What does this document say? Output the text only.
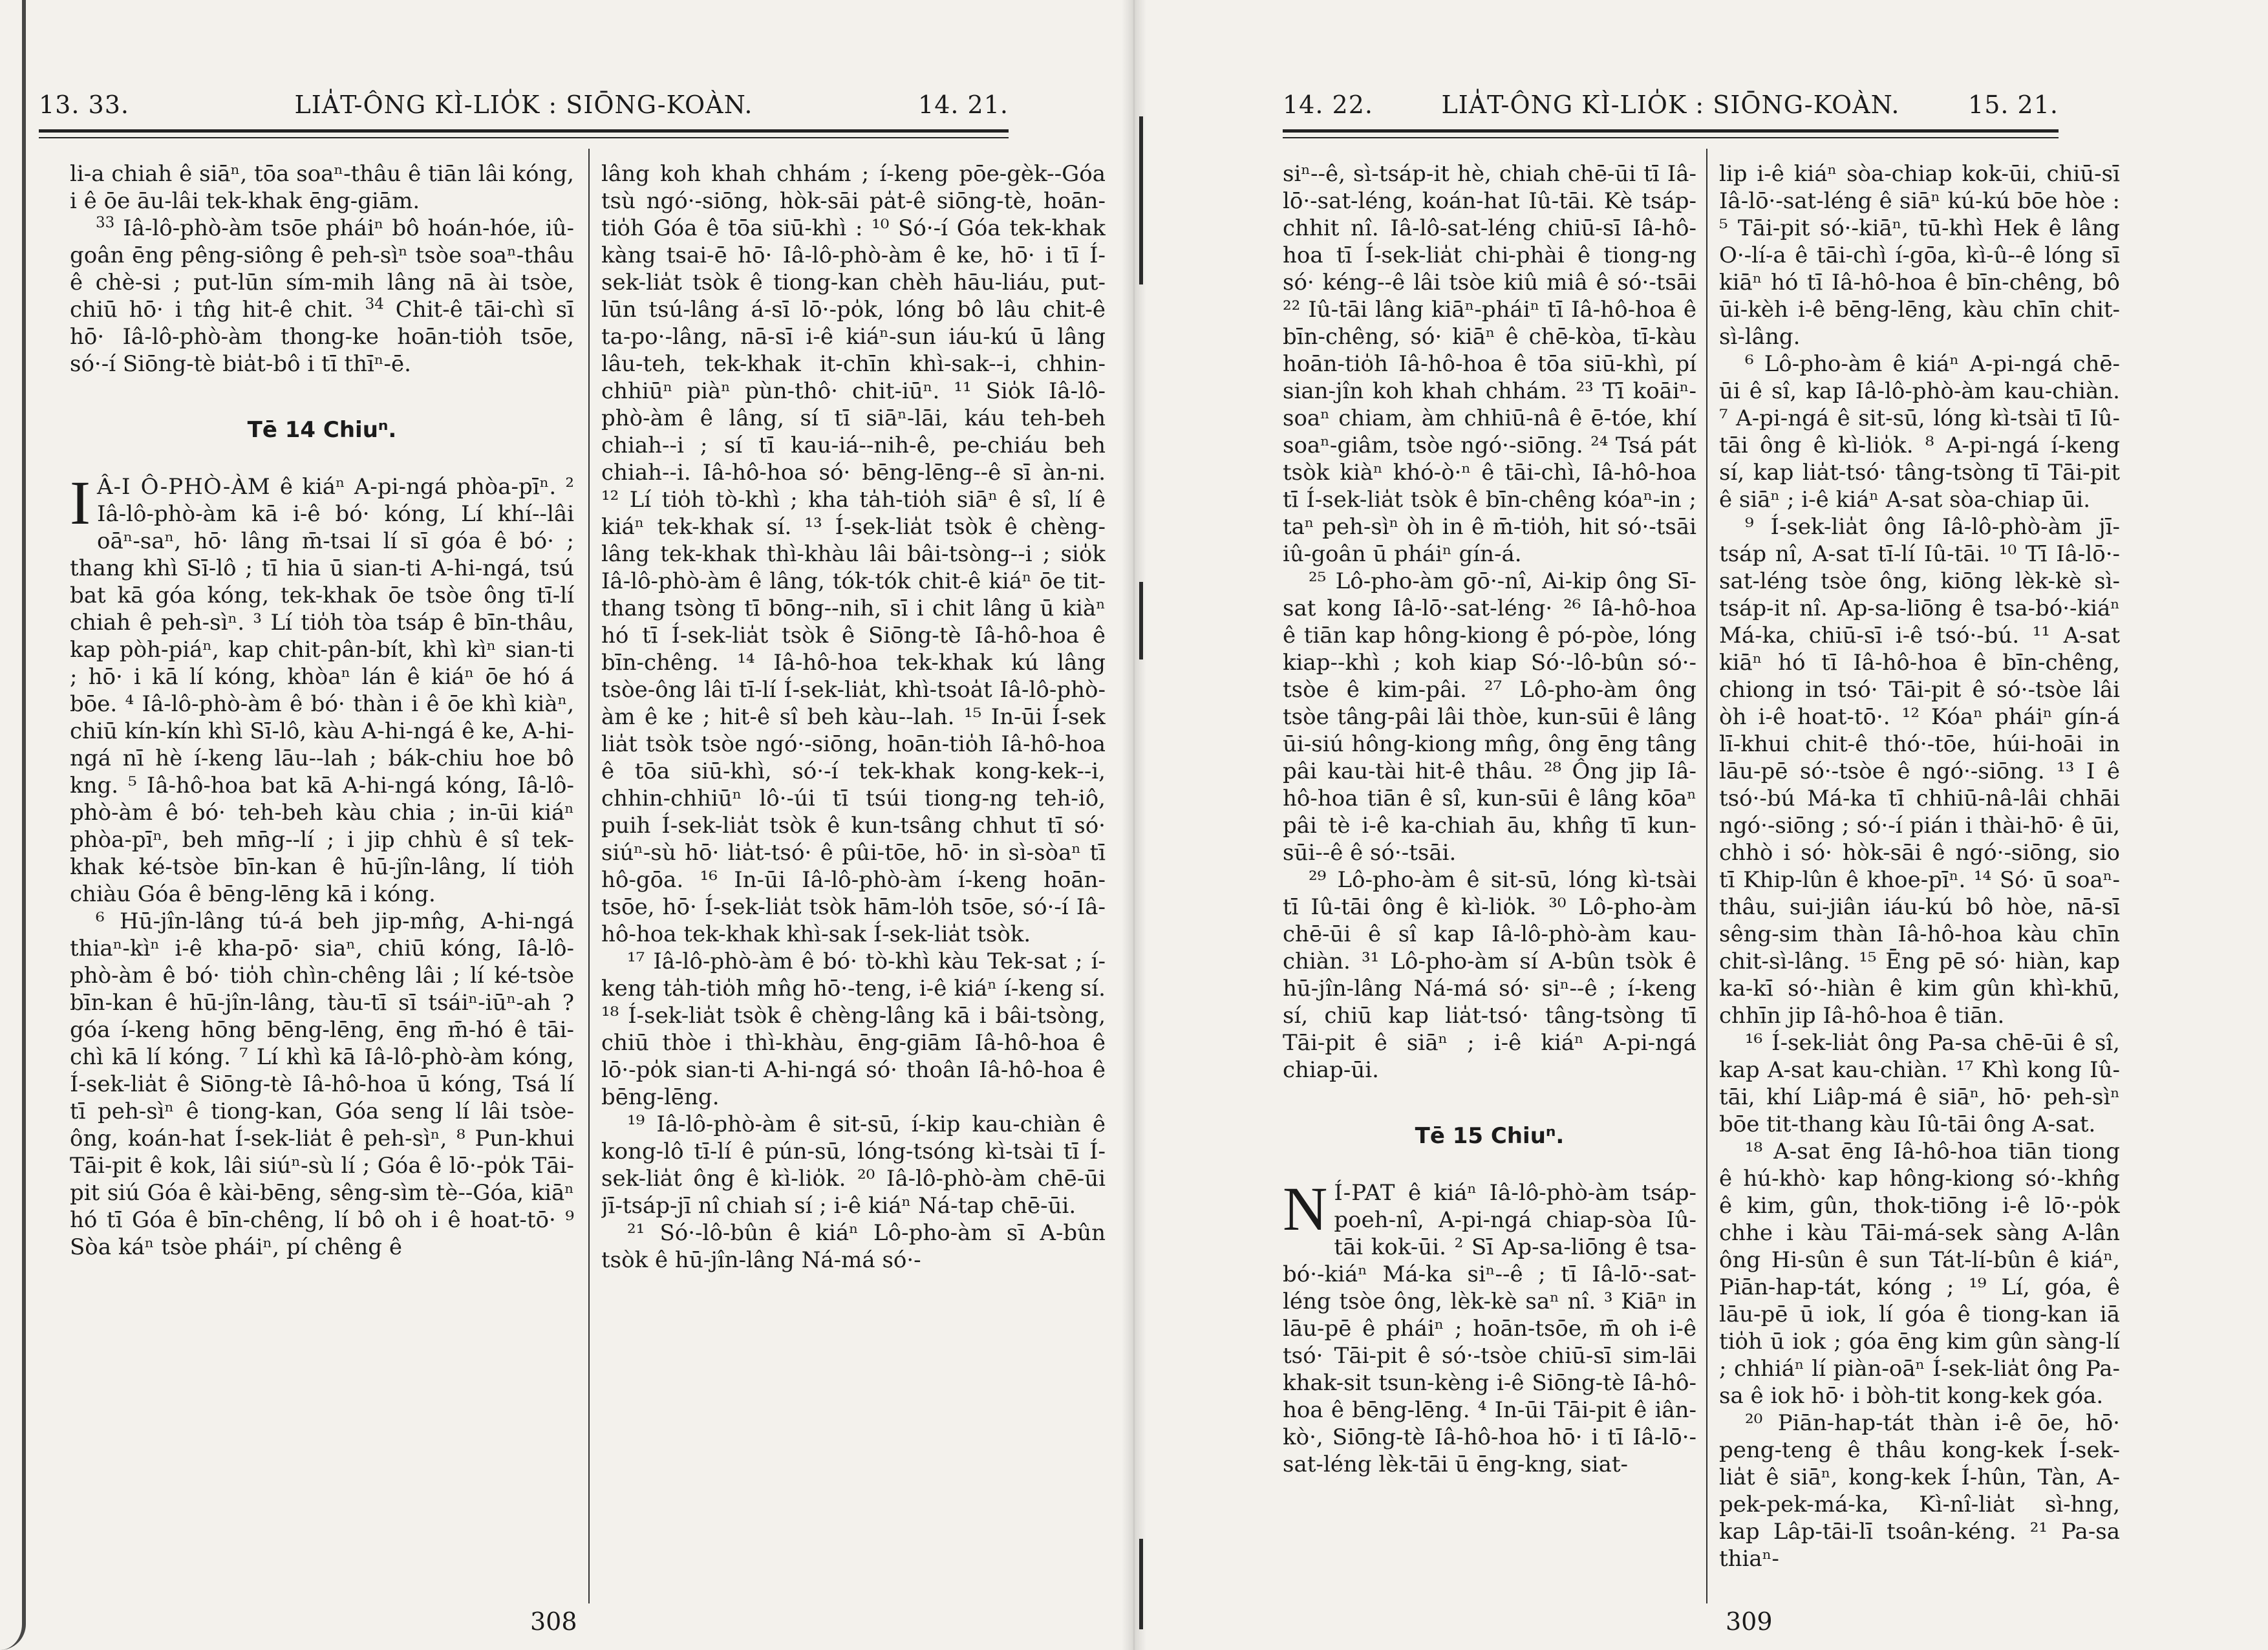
13. 33.	LIA̍T-ÔNG KÌ-LIO̍K : SIŌNG-KOÀN.	14. 21.

li-a chiah ê siāⁿ, tōa soaⁿ-thâu ê tiān lâi kóng, i ê ōe āu-lâi tek-khak ēng-giām.

$^{33}$ Iâ-lô-phò-àm tsōe pháiⁿ bô hoán-hóe, iû-goân ēng pêng-siông ê peh-sìⁿ tsòe soaⁿ-thâu ê chè-si ; put-lūn sím-mih lâng nā ài tsòe, chiū hō· i tn̂g hit-ê chit. $^{34}$ Chit-ê tāi-chì sī hō· Iâ-lô-phò-àm thong-ke hoān-tio̍h tsōe, só·-í Siōng-tè bia̍t-bô i tī thīⁿ-ē.

Tē 14 Chiuⁿ.

I Â-I Ô-PHÒ-ÀM ê kiáⁿ A-pi-ngá phòa-pīⁿ. ² Iâ-lô-phò-àm kā i-ê bó· kóng, Lí khí--lâi oāⁿ-saⁿ, hō· lâng m̄-tsai lí sī góa ê bó· ; thang khì Sī-lô ; tī hia ū sian-ti A-hi-ngá, tsú bat kā góa kóng, tek-khak ōe tsòe ông tī-lí chiah ê peh-sìⁿ. ³ Lí tio̍h tòa tsáp ê bīn-thâu, kap pòh-piáⁿ, kap chit-pân-bít, khì kìⁿ sian-ti ; hō· i kā lí kóng, khòaⁿ lán ê kiáⁿ ōe hó á bōe. ⁴ Iâ-lô-phò-àm ê bó· thàn i ê ōe khì kiàⁿ, chiū kín-kín khì Sī-lô, kàu A-hi-ngá ê ke, A-hi-ngá nī hè í-keng lāu--lah ; bák-chiu hoe bô kng. ⁵ Iâ-hô-hoa bat kā A-hi-ngá kóng, Iâ-lô-phò-àm ê bó· teh-beh kàu chia ; in-ūi kiáⁿ phòa-pīⁿ, beh mn̄g--lí ; i jip chhù ê sî tek-khak ké-tsòe bīn-kan ê hū-jîn-lâng, lí tio̍h chiàu Góa ê bēng-lēng kā i kóng.

⁶ Hū-jîn-lâng tú-á beh jip-mn̂g, A-hi-ngá thiaⁿ-kìⁿ i-ê kha-pō· siaⁿ, chiū kóng, Iâ-lô-phò-àm ê bó· tio̍h chìn-chêng lâi ; lí ké-tsòe bīn-kan ê hū-jîn-lâng, tàu-tī sī tsáiⁿ-iūⁿ-ah ? góa í-keng hōng bēng-lēng, ēng m̄-hó ê tāi-chì kā lí kóng. ⁷ Lí khì kā Iâ-lô-phò-àm kóng, Í-sek-lia̍t ê Siōng-tè Iâ-hô-hoa ū kóng, Tsá lí tī peh-sìⁿ ê tiong-kan, Góa seng lí lâi tsòe-ông, koán-hat Í-sek-lia̍t ê peh-sìⁿ, ⁸ Pun-khui Tāi-pit ê kok, lâi siúⁿ-sù lí ; Góa ê lō·-po̍k Tāi-pit siú Góa ê kài-bēng, sêng-sìm tè--Góa, kiāⁿ hó tī Góa ê bīn-chêng, lí bô oh i ê hoat-tō· ⁹ Sòa káⁿ tsòe pháiⁿ, pí chêng ê

lâng koh khah chhám ; í-keng pōe-gèk--Góa tsù ngó·-siōng, hòk-sāi pa̍t-ê siōng-tè, hoān-tio̍h Góa ê tōa siū-khì : ¹⁰ Só·-í Góa tek-khak kàng tsai-ē hō· Iâ-lô-phò-àm ê ke, hō· i tī Í-sek-lia̍t tsòk ê tiong-kan chèh hāu-liáu, put-lūn tsú-lâng á-sī lō·-po̍k, lóng bô lâu chit-ê ta-po·-lâng, nā-sī i-ê kiáⁿ-sun iáu-kú ū lâng lâu-teh, tek-khak it-chīn khì-sak--i, chhin-chhiūⁿ piàⁿ pùn-thô· chit-iūⁿ. ¹¹ Sio̍k Iâ-lô-phò-àm ê lâng, sí tī siāⁿ-lāi, káu teh-beh chiah--i ; sí tī kau-iá--nih-ê, pe-chiáu beh chiah--i. Iâ-hô-hoa só· bēng-lēng--ê sī àn-ni. ¹² Lí tio̍h tò-khì ; kha ta̍h-tio̍h siāⁿ ê sî, lí ê kiáⁿ tek-khak sí. ¹³ Í-sek-lia̍t tsòk ê chèng-lâng tek-khak thì-khàu lâi bâi-tsòng--i ; sio̍k Iâ-lô-phò-àm ê lâng, tók-tók chit-ê kiáⁿ ōe tit-thang tsòng tī bōng--nih, sī i chit lâng ū kiàⁿ hó tī Í-sek-lia̍t tsòk ê Siōng-tè Iâ-hô-hoa ê bīn-chêng. ¹⁴ Iâ-hô-hoa tek-khak kú lâng tsòe-ông lâi tī-lí Í-sek-lia̍t, khì-tsoa̍t Iâ-lô-phò-àm ê ke ; hit-ê sî beh kàu--lah. ¹⁵ In-ūi Í-sek lia̍t tsòk tsòe ngó·-siōng, hoān-tio̍h Iâ-hô-hoa ê tōa siū-khì, só·-í tek-khak kong-kek--i, chhin-chhiūⁿ lô·-úi tī tsúi tiong-ng teh-iô, puih Í-sek-lia̍t tsòk ê kun-tsâng chhut tī só· siúⁿ-sù hō· lia̍t-tsó· ê pûi-tōe, hō· in sì-sòaⁿ tī hô-gōa. ¹⁶ In-ūi Iâ-lô-phò-àm í-keng hoān-tsōe, hō· Í-sek-lia̍t tsòk hām-lo̍h tsōe, só·-í Iâ-hô-hoa tek-khak khì-sak Í-sek-lia̍t tsòk.

¹⁷ Iâ-lô-phò-àm ê bó· tò-khì kàu Tek-sat ; í-keng ta̍h-tio̍h mn̂g hō·-teng, i-ê kiáⁿ í-keng sí. ¹⁸ Í-sek-lia̍t tsòk ê chèng-lâng kā i bâi-tsòng, chiū thòe i thì-khàu, ēng-giām Iâ-hô-hoa ê lō·-po̍k sian-ti A-hi-ngá só· thoân Iâ-hô-hoa ê bēng-lēng.

¹⁹ Iâ-lô-phò-àm ê sit-sū, í-kip kau-chiàn ê kong-lô tī-lí ê pún-sū, lóng-tsóng kì-tsài tī Í-sek-lia̍t ông ê kì-lio̍k. ²⁰ Iâ-lô-phò-àm chē-ūi jī-tsáp-jī nî chiah sí ; i-ê kiáⁿ Ná-tap chē-ūi.

²¹ Só·-lô-bûn ê kiáⁿ Lô-pho-àm sī A-bûn tsòk ê hū-jîn-lâng Ná-má só·-

308
14. 22.	LIA̍T-ÔNG KÌ-LIO̍K : SIŌNG-KOÀN.	15. 21.

siⁿ--ê, sì-tsáp-it hè, chiah chē-ūi tī Iâ-lō·-sat-léng, koán-hat Iû-tāi. Kè tsáp-chhit nî. Iâ-lô-sat-léng chiū-sī Iâ-hô-hoa tī Í-sek-lia̍t chi-phài ê tiong-ng só· kéng--ê lâi tsòe kiû miâ ê só·-tsāi ²² Iû-tāi lâng kiāⁿ-pháiⁿ tī Iâ-hô-hoa ê bīn-chêng, só· kiāⁿ ê chē-kòa, tī-kàu hoān-tio̍h Iâ-hô-hoa ê tōa siū-khì, pí sian-jîn koh khah chhám. ²³ Tī koāiⁿ-soaⁿ chiam, àm chhiū-nâ ê ē-tóe, khí soaⁿ-giâm, tsòe ngó·-siōng. ²⁴ Tsá pát tsòk kiàⁿ khó-ò·ⁿ ê tāi-chì, Iâ-hô-hoa tī Í-sek-lia̍t tsòk ê bīn-chêng kóaⁿ-in ; taⁿ peh-sìⁿ òh in ê m̄-tio̍h, hit só·-tsāi iû-goân ū pháiⁿ gín-á.

²⁵ Lô-pho-àm gō·-nî, Ai-kip ông Sī-sat kong Iâ-lō·-sat-léng· ²⁶ Iâ-hô-hoa ê tiān kap hông-kiong ê pó-pòe, lóng kiap--khì ; koh kiap Só·-lô-bûn só·-tsòe ê kim-pâi. ²⁷ Lô-pho-àm ông tsòe tâng-pâi lâi thòe, kun-sūi ê lâng ūi-siú hông-kiong mn̂g, ông ēng tâng pâi kau-tài hit-ê thâu. ²⁸ Ông jip Iâ-hô-hoa tiān ê sî, kun-sūi ê lâng kōaⁿ pâi tè i-ê ka-chiah āu, khn̂g tī kun-sūi--ê ê só·-tsāi.

²⁹ Lô-pho-àm ê sit-sū, lóng kì-tsài tī Iû-tāi ông ê kì-lio̍k. ³⁰ Lô-pho-àm chē-ūi ê sî kap Iâ-lô-phò-àm kau-chiàn. ³¹ Lô-pho-àm sí A-bûn tsòk ê hū-jîn-lâng Ná-má só· siⁿ--ê ; í-keng sí, chiū kap lia̍t-tsó· tâng-tsòng tī Tāi-pit ê siāⁿ ; i-ê kiáⁿ A-pi-ngá chiap-ūi.

Tē 15 Chiuⁿ.

N Í-PAT ê kiáⁿ Iâ-lô-phò-àm tsáp-poeh-nî, A-pi-ngá chiap-sòa Iû-tāi kok-ūi. ² Sī Ap-sa-liōng ê tsa-bó·-kiáⁿ Má-ka siⁿ--ê ; tī Iâ-lō·-sat-léng tsòe ông, lèk-kè saⁿ nî. ³ Kiāⁿ in lāu-pē ê pháiⁿ ; hoān-tsōe, m̄ oh i-ê tsó· Tāi-pit ê só·-tsòe chiū-sī sim-lāi khak-sit tsun-kèng i-ê Siōng-tè Iâ-hô-hoa ê bēng-lēng. ⁴ In-ūi Tāi-pit ê iân-kò·, Siōng-tè Iâ-hô-hoa hō· i tī Iâ-lō·-sat-léng lèk-tāi ū ēng-kng, siat-

lip i-ê kiáⁿ sòa-chiap kok-ūi, chiū-sī Iâ-lō·-sat-léng ê siāⁿ kú-kú bōe hòe : ⁵ Tāi-pit só·-kiāⁿ, tū-khì Hek ê lâng O·-lí-a ê tāi-chì í-gōa, kì-û--ê lóng sī kiāⁿ hó tī Iâ-hô-hoa ê bīn-chêng, bô ūi-kèh i-ê bēng-lēng, kàu chīn chit-sì-lâng.

⁶ Lô-pho-àm ê kiáⁿ A-pi-ngá chē-ūi ê sî, kap Iâ-lô-phò-àm kau-chiàn. ⁷ A-pi-ngá ê sit-sū, lóng kì-tsài tī Iû-tāi ông ê kì-lio̍k. ⁸ A-pi-ngá í-keng sí, kap lia̍t-tsó· tâng-tsòng tī Tāi-pit ê siāⁿ ; i-ê kiáⁿ A-sat sòa-chiap ūi.

⁹ Í-sek-lia̍t ông Iâ-lô-phò-àm jī-tsáp nî, A-sat tī-lí Iû-tāi. ¹⁰ Tī Iâ-lō·-sat-léng tsòe ông, kiōng lèk-kè sì-tsáp-it nî. Ap-sa-liōng ê tsa-bó·-kiáⁿ Má-ka, chiū-sī i-ê tsó·-bú. ¹¹ A-sat kiāⁿ hó tī Iâ-hô-hoa ê bīn-chêng, chiong in tsó· Tāi-pit ê só·-tsòe lâi òh i-ê hoat-tō·. ¹² Kóaⁿ pháiⁿ gín-á lī-khui chit-ê thó·-tōe, húi-hoāi in lāu-pē só·-tsòe ê ngó·-siōng. ¹³ I ê tsó·-bú Má-ka tī chhiū-nâ-lâi chhāi ngó·-siōng ; só·-í pián i thài-hō· ê ūi, chhò i só· hòk-sāi ê ngó·-siōng, sio tī Khip-lûn ê khoe-pīⁿ. ¹⁴ Só· ū soaⁿ-thâu, sui-jiân iáu-kú bô hòe, nā-sī sêng-sim thàn Iâ-hô-hoa kàu chīn chit-sì-lâng. ¹⁵ Ēng pē só· hiàn, kap ka-kī só·-hiàn ê kim gûn khì-khū, chhīn jip Iâ-hô-hoa ê tiān.

¹⁶ Í-sek-lia̍t ông Pa-sa chē-ūi ê sî, kap A-sat kau-chiàn. ¹⁷ Khì kong Iû-tāi, khí Liâp-má ê siāⁿ, hō· peh-sìⁿ bōe tit-thang kàu Iû-tāi ông A-sat.

¹⁸ A-sat ēng Iâ-hô-hoa tiān tiong ê hú-khò· kap hông-kiong só·-khn̂g ê kim, gûn, thok-tiōng i-ê lō·-po̍k chhe i kàu Tāi-má-sek sàng A-lân ông Hi-sûn ê sun Tát-lí-bûn ê kiáⁿ, Piān-hap-tát, kóng ; ¹⁹ Lí, góa, ê lāu-pē ū iok, lí góa ê tiong-kan iā tio̍h ū iok ; góa ēng kim gûn sàng-lí ; chhiáⁿ lí piàn-oāⁿ Í-sek-lia̍t ông Pa-sa ê iok hō· i bòh-tit kong-kek góa.

²⁰ Piān-hap-tát thàn i-ê ōe, hō· peng-teng ê thâu kong-kek Í-sek-lia̍t ê siāⁿ, kong-kek Í-hûn, Tàn, A-pek-pek-má-ka, Kì-nî-lia̍t sì-hng, kap Lâp-tāi-lī tsoân-kéng. ²¹ Pa-sa thiaⁿ-

309
